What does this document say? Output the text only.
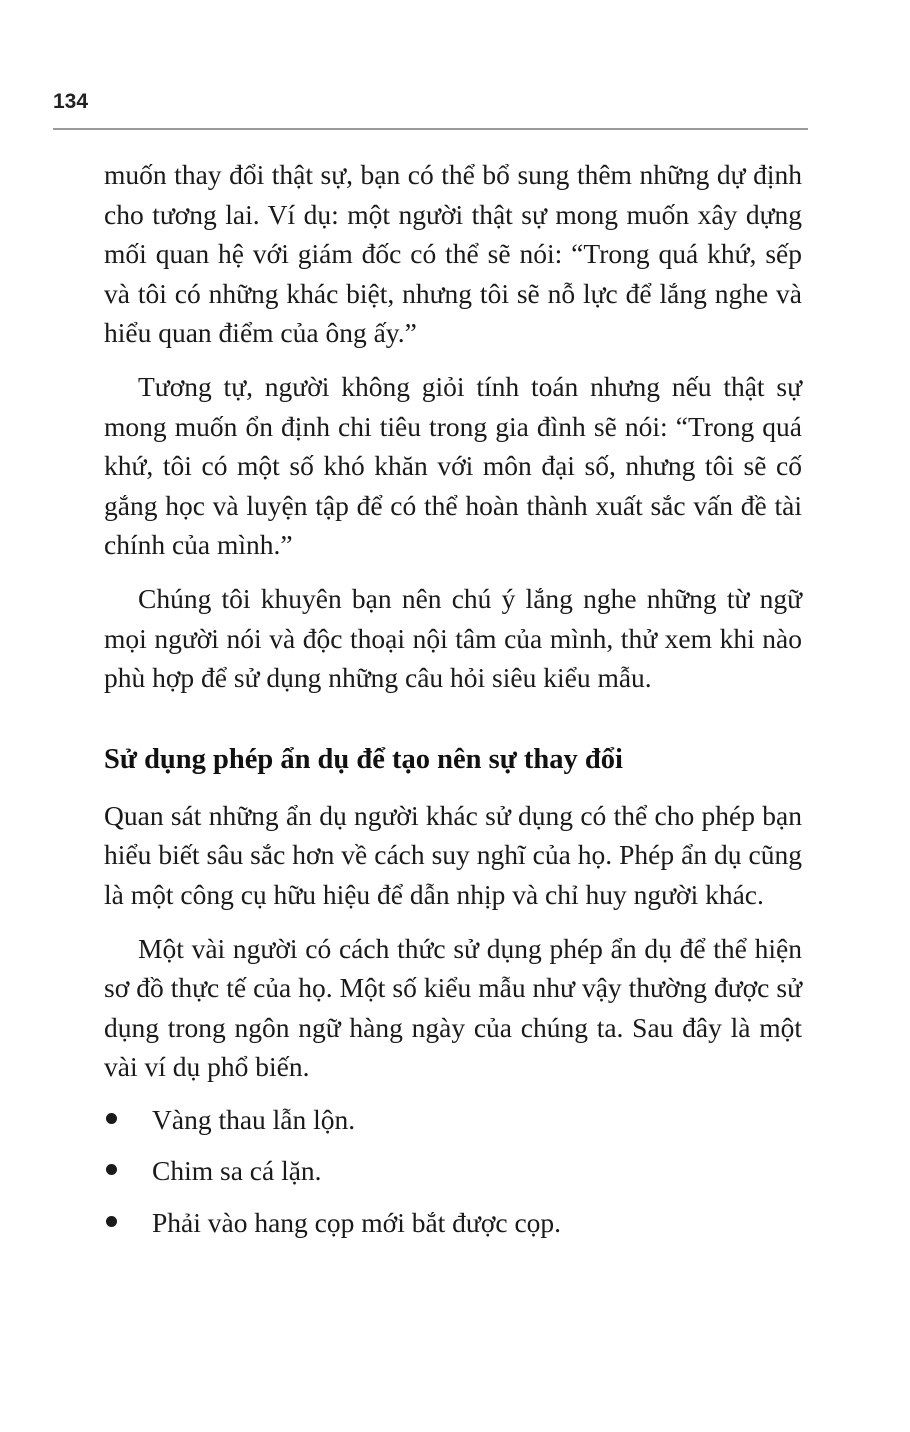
134

muốn thay đổi thật sự, bạn có thể bổ sung thêm những dự định cho tương lai. Ví dụ: một người thật sự mong muốn xây dựng mối quan hệ với giám đốc có thể sẽ nói: “Trong quá khứ, sếp và tôi có những khác biệt, nhưng tôi sẽ nỗ lực để lắng nghe và hiểu quan điểm của ông ấy.”

Tương tự, người không giỏi tính toán nhưng nếu thật sự mong muốn ổn định chi tiêu trong gia đình sẽ nói: “Trong quá khứ, tôi có một số khó khăn với môn đại số, nhưng tôi sẽ cố gắng học và luyện tập để có thể hoàn thành xuất sắc vấn đề tài chính của mình.”

Chúng tôi khuyên bạn nên chú ý lắng nghe những từ ngữ mọi người nói và độc thoại nội tâm của mình, thử xem khi nào phù hợp để sử dụng những câu hỏi siêu kiểu mẫu.

Sử dụng phép ẩn dụ để tạo nên sự thay đổi

Quan sát những ẩn dụ người khác sử dụng có thể cho phép bạn hiểu biết sâu sắc hơn về cách suy nghĩ của họ. Phép ẩn dụ cũng là một công cụ hữu hiệu để dẫn nhịp và chỉ huy người khác.

Một vài người có cách thức sử dụng phép ẩn dụ để thể hiện sơ đồ thực tế của họ. Một số kiểu mẫu như vậy thường được sử dụng trong ngôn ngữ hàng ngày của chúng ta. Sau đây là một vài ví dụ phổ biến.

Vàng thau lẫn lộn.
Chim sa cá lặn.
Phải vào hang cọp mới bắt được cọp.
